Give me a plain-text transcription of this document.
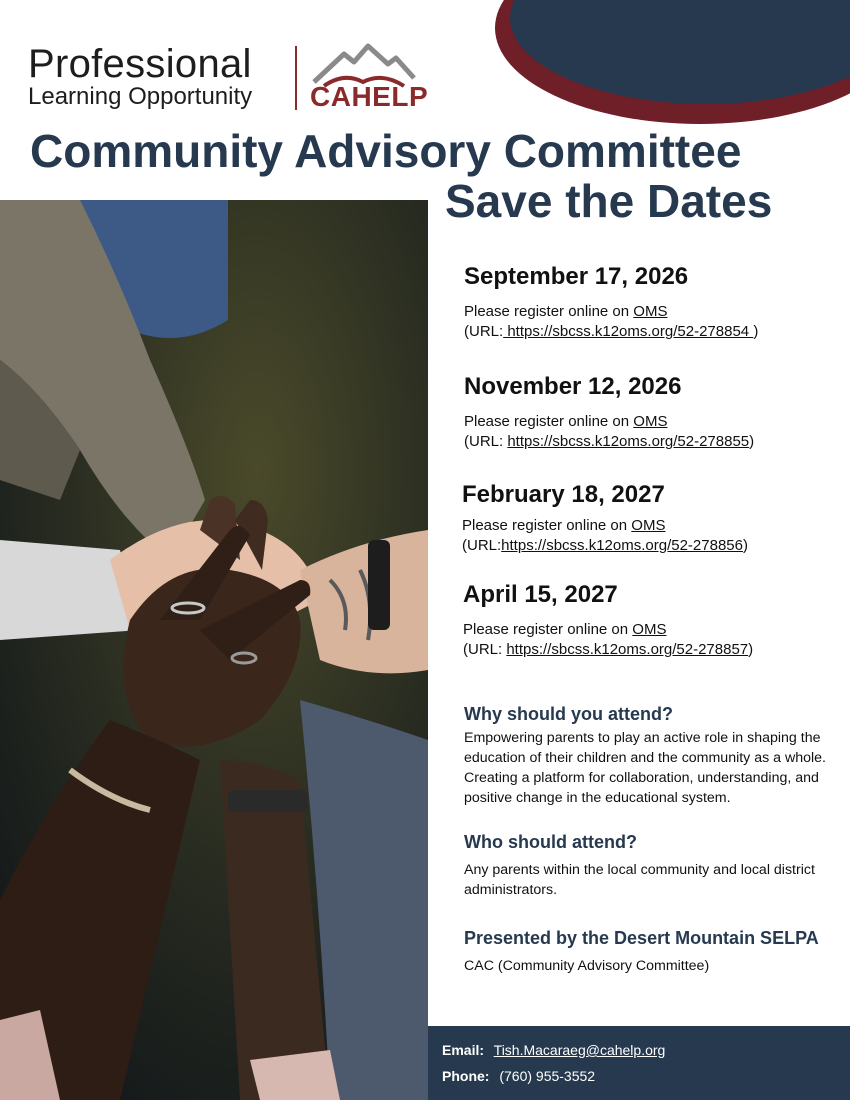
Professional
Learning Opportunity CAHELP
Community Advisory Committee
Save the Dates
September 17, 2026
Please register online on OMS
(URL: https://sbcss.k12oms.org/52-278854 )
November 12, 2026
Please register online on OMS
(URL: https://sbcss.k12oms.org/52-278855)
February 18, 2027
Please register online on OMS
(URL:https://sbcss.k12oms.org/52-278856)
April 15, 2027
Please register online on OMS
(URL: https://sbcss.k12oms.org/52-278857)
Why should you attend?
Empowering parents to play an active role in shaping the education of their children and the community as a whole. Creating a platform for collaboration, understanding, and positive change in the educational system.
Who should attend?
Any parents within the local community and local district administrators.
Presented by the Desert Mountain SELPA
CAC (Community Advisory Committee)
Email: Tish.Macaraeg@cahelp.org
Phone: (760) 955-3552
